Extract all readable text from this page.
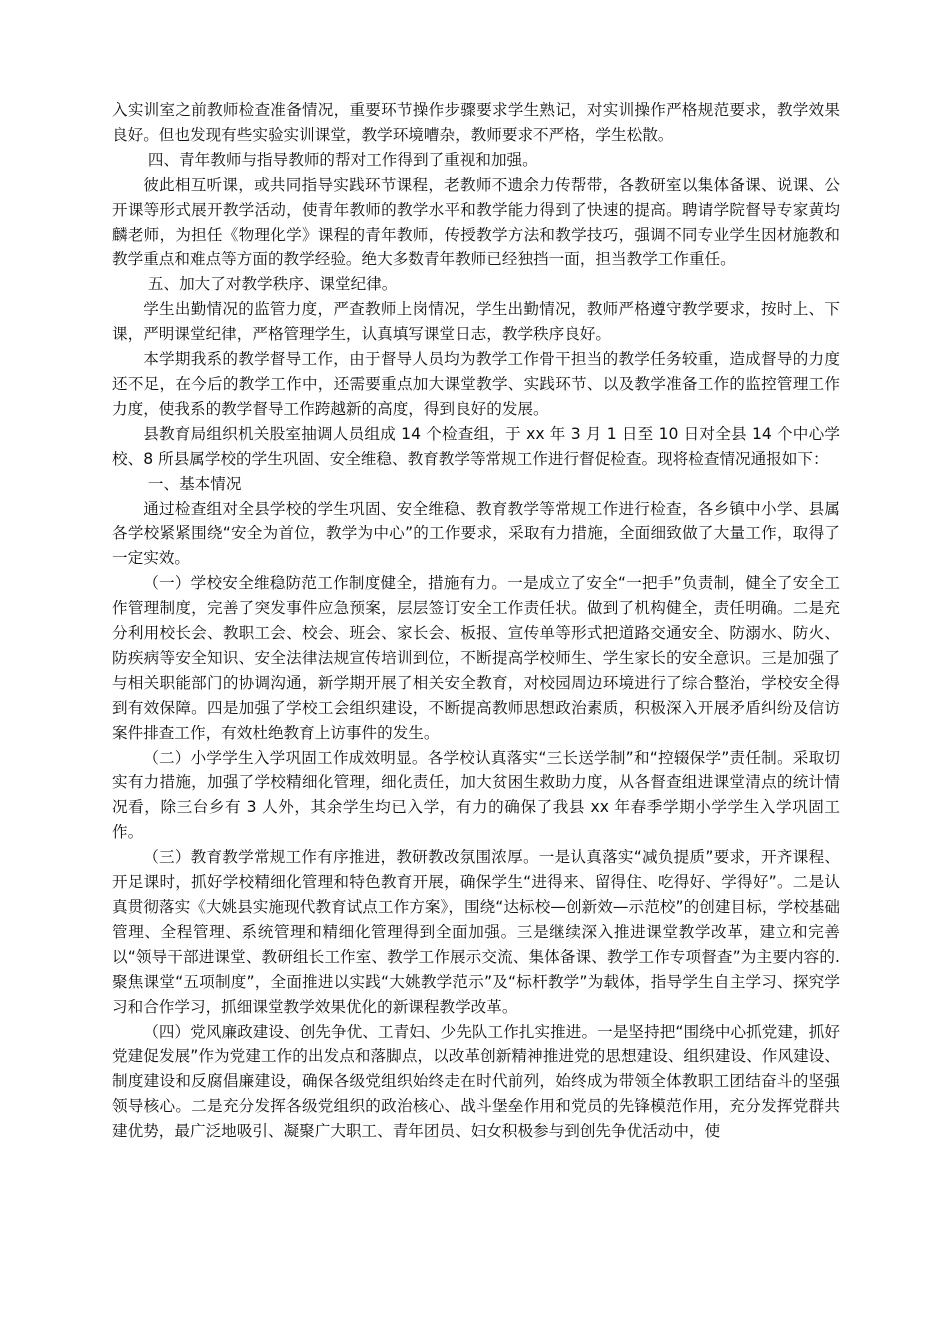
入实训室之前教师检查准备情况，重要环节操作步骤要求学生熟记，对实训操作严格规范要求，教学效果良好。但也发现有些实验实训课堂，教学环境嘈杂，教师要求不严格，学生松散。

四、青年教师与指导教师的帮对工作得到了重视和加强。

彼此相互听课，或共同指导实践环节课程，老教师不遗余力传帮带，各教研室以集体备课、说课、公开课等形式展开教学活动，使青年教师的教学水平和教学能力得到了快速的提高。聘请学院督导专家黄均麟老师，为担任《物理化学》课程的青年教师，传授教学方法和教学技巧，强调不同专业学生因材施教和教学重点和难点等方面的教学经验。绝大多数青年教师已经独挡一面，担当教学工作重任。

五、加大了对教学秩序、课堂纪律。

学生出勤情况的监管力度，严查教师上岗情况，学生出勤情况，教师严格遵守教学要求，按时上、下课，严明课堂纪律，严格管理学生，认真填写课堂日志，教学秩序良好。

本学期我系的教学督导工作，由于督导人员均为教学工作骨干担当的教学任务较重，造成督导的力度还不足，在今后的教学工作中，还需要重点加大课堂教学、实践环节、以及教学准备工作的监控管理工作力度，使我系的教学督导工作跨越新的高度，得到良好的发展。

县教育局组织机关股室抽调人员组成 14 个检查组，于 xx 年 3 月 1 日至 10 日对全县 14 个中心学校、8 所县属学校的学生巩固、安全维稳、教育教学等常规工作进行督促检查。现将检查情况通报如下：

一、基本情况

通过检查组对全县学校的学生巩固、安全维稳、教育教学等常规工作进行检查，各乡镇中小学、县属各学校紧紧围绕“安全为首位，教学为中心”的工作要求，采取有力措施，全面细致做了大量工作，取得了一定实效。

（一）学校安全维稳防范工作制度健全，措施有力。一是成立了安全“一把手”负责制，健全了安全工作管理制度，完善了突发事件应急预案，层层签订安全工作责任状。做到了机构健全，责任明确。二是充分利用校长会、教职工会、校会、班会、家长会、板报、宣传单等形式把道路交通安全、防溺水、防火、防疾病等安全知识、安全法律法规宣传培训到位，不断提高学校师生、学生家长的安全意识。三是加强了与相关职能部门的协调沟通，新学期开展了相关安全教育，对校园周边环境进行了综合整治，学校安全得到有效保障。四是加强了学校工会组织建设，不断提高教师思想政治素质，积极深入开展矛盾纠纷及信访案件排查工作，有效杜绝教育上访事件的发生。

（二）小学学生入学巩固工作成效明显。各学校认真落实“三长送学制”和“控辍保学”责任制。采取切实有力措施，加强了学校精细化管理，细化责任，加大贫困生救助力度，从各督查组进课堂清点的统计情况看，除三台乡有 3 人外，其余学生均已入学，有力的确保了我县 xx 年春季学期小学学生入学巩固工作。

（三）教育教学常规工作有序推进，教研教改氛围浓厚。一是认真落实“减负提质”要求，开齐课程、开足课时，抓好学校精细化管理和特色教育开展，确保学生“进得来、留得住、吃得好、学得好”。二是认真贯彻落实《大姚县实施现代教育试点工作方案》，围绕“达标校—创新效—示范校”的创建目标，学校基础管理、全程管理、系统管理和精细化管理得到全面加强。三是继续深入推进课堂教学改革，建立和完善以“领导干部进课堂、教研组长工作室、教学工作展示交流、集体备课、教学工作专项督查”为主要内容的.聚焦课堂“五项制度”，全面推进以实践“大姚教学范示”及“标杆教学”为载体，指导学生自主学习、探究学习和合作学习，抓细课堂教学效果优化的新课程教学改革。

（四）党风廉政建设、创先争优、工青妇、少先队工作扎实推进。一是坚持把“围绕中心抓党建，抓好党建促发展”作为党建工作的出发点和落脚点，以改革创新精神推进党的思想建设、组织建设、作风建设、制度建设和反腐倡廉建设，确保各级党组织始终走在时代前列，始终成为带领全体教职工团结奋斗的坚强领导核心。二是充分发挥各级党组织的政治核心、战斗堡垒作用和党员的先锋模范作用，充分发挥党群共建优势，最广泛地吸引、凝聚广大职工、青年团员、妇女积极参与到创先争优活动中，使
